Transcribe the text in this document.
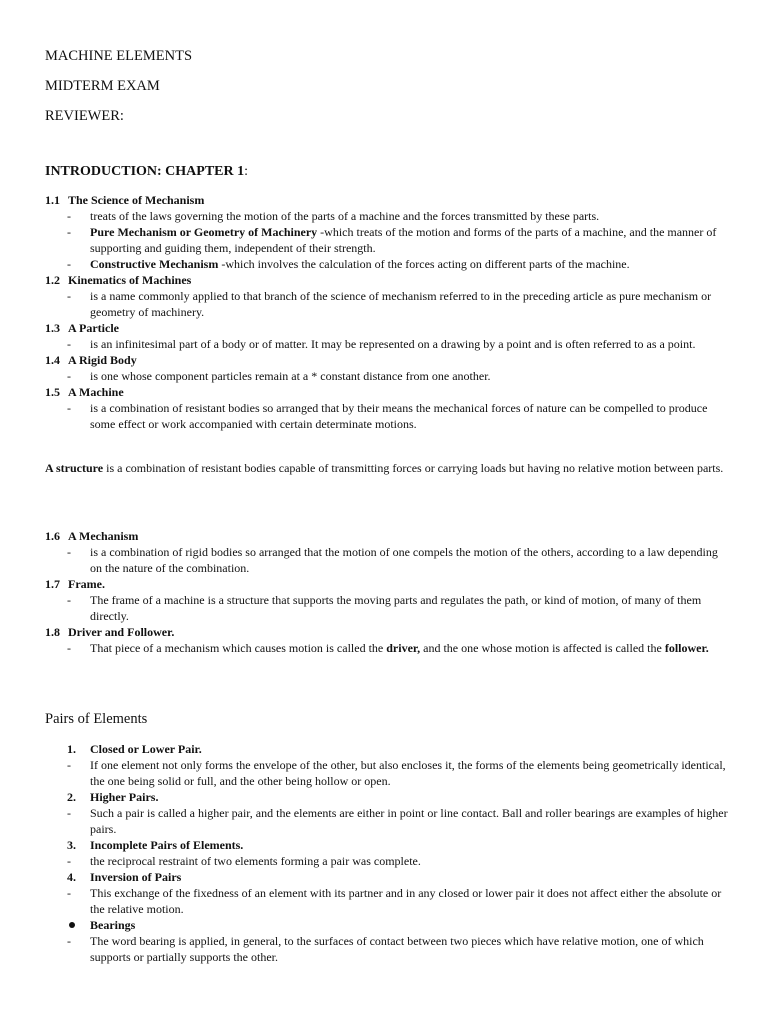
MACHINE ELEMENTS
MIDTERM EXAM
REVIEWER:
INTRODUCTION: CHAPTER 1:
1.1 The Science of Mechanism
- treats of the laws governing the motion of the parts of a machine and the forces transmitted by these parts.
- Pure Mechanism or Geometry of Machinery -which treats of the motion and forms of the parts of a machine, and the manner of supporting and guiding them, independent of their strength.
- Constructive Mechanism -which involves the calculation of the forces acting on different parts of the machine.
1.2 Kinematics of Machines
- is a name commonly applied to that branch of the science of mechanism referred to in the preceding article as pure mechanism or geometry of machinery.
1.3 A Particle
- is an infinitesimal part of a body or of matter. It may be represented on a drawing by a point and is often referred to as a point.
1.4 A Rigid Body
- is one whose component particles remain at a * constant distance from one another.
1.5 A Machine
- is a combination of resistant bodies so arranged that by their means the mechanical forces of nature can be compelled to produce some effect or work accompanied with certain determinate motions.
A structure is a combination of resistant bodies capable of transmitting forces or carrying loads but having no relative motion between parts.
1.6 A Mechanism
- is a combination of rigid bodies so arranged that the motion of one compels the motion of the others, according to a law depending on the nature of the combination.
1.7 Frame.
- The frame of a machine is a structure that supports the moving parts and regulates the path, or kind of motion, of many of them directly.
1.8 Driver and Follower.
- That piece of a mechanism which causes motion is called the driver, and the one whose motion is affected is called the follower.
Pairs of Elements
1. Closed or Lower Pair.
- If one element not only forms the envelope of the other, but also encloses it, the forms of the elements being geometrically identical, the one being solid or full, and the other being hollow or open.
2. Higher Pairs.
- Such a pair is called a higher pair, and the elements are either in point or line contact. Ball and roller bearings are examples of higher pairs.
3. Incomplete Pairs of Elements.
- the reciprocal restraint of two elements forming a pair was complete.
4. Inversion of Pairs
- This exchange of the fixedness of an element with its partner and in any closed or lower pair it does not affect either the absolute or the relative motion.
Bearings
- The word bearing is applied, in general, to the surfaces of contact between two pieces which have relative motion, one of which supports or partially supports the other.
